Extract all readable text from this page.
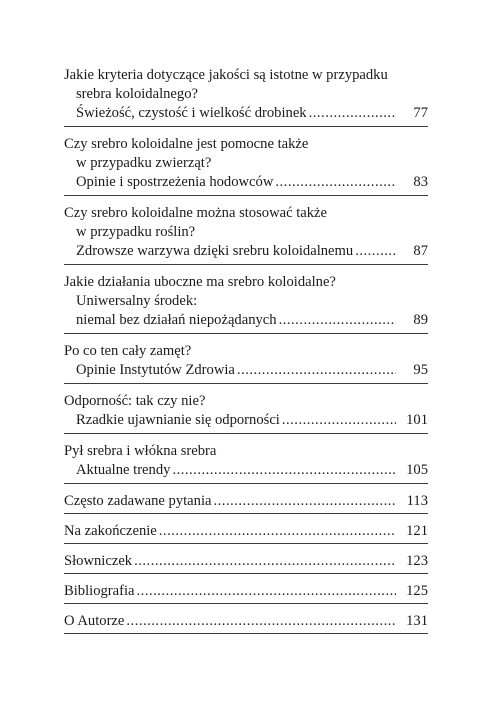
Jakie kryteria dotyczące jakości są istotne w przypadku
srebra koloidalnego?
Świeżość, czystość i wielkość drobinek .....	77
Czy srebro koloidalne jest pomocne także
w przypadku zwierząt?
Opinie i spostrzeżenia hodowców .....	83
Czy srebro koloidalne można stosować także
w przypadku roślin?
Zdrowsze warzywa dzięki srebru koloidalnemu .....	87
Jakie działania uboczne ma srebro koloidalne?
Uniwersalny środek:
niemal bez działań niepożądanych .....	89
Po co ten cały zamęt?
Opinie Instytutów Zdrowia .....	95
Odporność: tak czy nie?
Rzadkie ujawnianie się odporności .....	101
Pył srebra i włókna srebra
Aktualne trendy .....	105
Często zadawane pytania .....	113
Na zakończenie .....	121
Słowniczek .....	123
Bibliografia .....	125
O Autorze .....	131
